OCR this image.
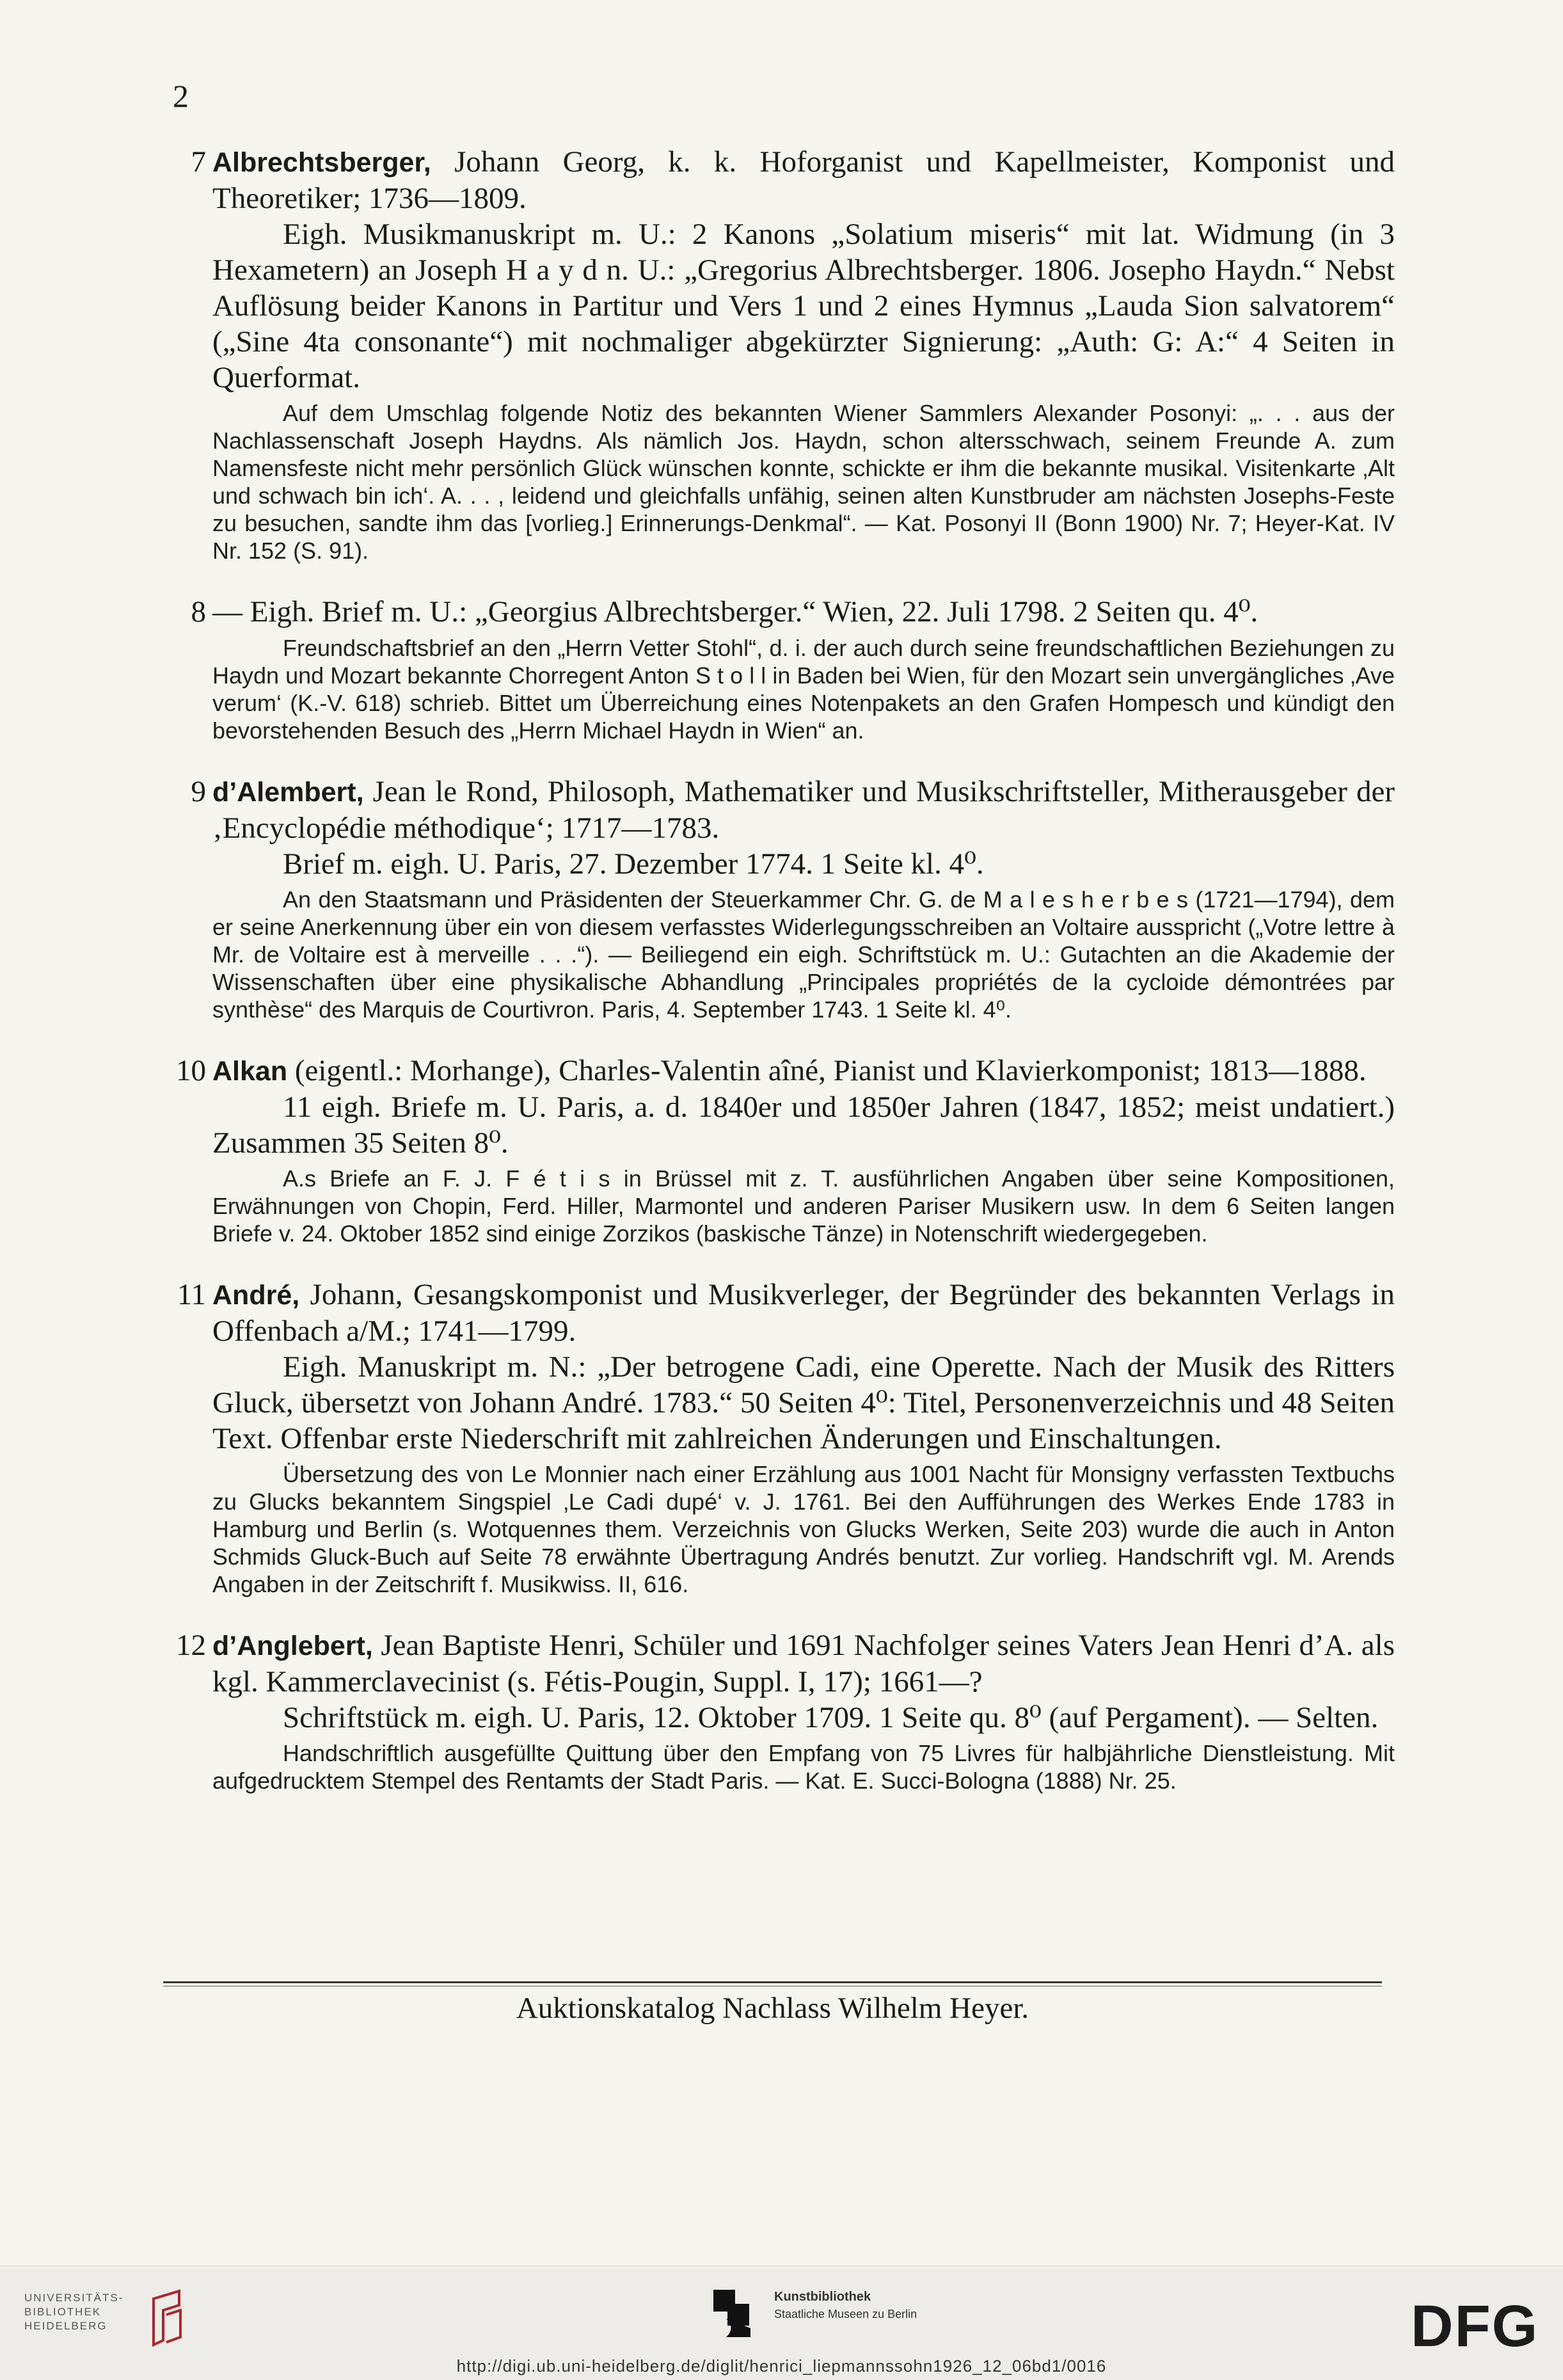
2
7 Albrechtsberger, Johann Georg, k. k. Hoforganist und Kapellmeister, Komponist und Theoretiker; 1736—1809.
Eigh. Musikmanuskript m. U.: 2 Kanons „Solatium miseris“ mit lat. Widmung (in 3 Hexametern) an Joseph H a y d n. U.: „Gregorius Albrechtsberger. 1806. Josepho Haydn.“ Nebst Auflösung beider Kanons in Partitur und Vers 1 und 2 eines Hymnus „Lauda Sion salvatorem“ („Sine 4ta consonante“) mit nochmaliger abgekürzter Signierung: „Auth: G: A:“ 4 Seiten in Querformat.
Auf dem Umschlag folgende Notiz des bekannten Wiener Sammlers Alexander Posonyi: „. . . aus der Nachlassenschaft Joseph Haydns. Als nämlich Jos. Haydn, schon altersschwach, seinem Freunde A. zum Namensfeste nicht mehr persönlich Glück wünschen konnte, schickte er ihm die bekannte musikal. Visitenkarte ‚Alt und schwach bin ich‘. A. . . , leidend und gleichfalls unfähig, seinen alten Kunstbruder am nächsten Josephs-Feste zu besuchen, sandte ihm das [vorlieg.] Erinnerungs-Denkmal“. — Kat. Posonyi II (Bonn 1900) Nr. 7; Heyer-Kat. IV Nr. 152 (S. 91).
8 — Eigh. Brief m. U.: „Georgius Albrechtsberger.“ Wien, 22. Juli 1798. 2 Seiten qu. 4⁰.
Freundschaftsbrief an den „Herrn Vetter Stohl“, d. i. der auch durch seine freundschaftlichen Beziehungen zu Haydn und Mozart bekannte Chorregent Anton S t o l l in Baden bei Wien, für den Mozart sein unvergängliches ‚Ave verum‘ (K.-V. 618) schrieb. Bittet um Überreichung eines Notenpakets an den Grafen Hompesch und kündigt den bevorstehenden Besuch des „Herrn Michael Haydn in Wien“ an.
9 d’Alembert, Jean le Rond, Philosoph, Mathematiker und Musikschriftsteller, Mitherausgeber der ‚Encyclopédie méthodique‘; 1717—1783.
Brief m. eigh. U. Paris, 27. Dezember 1774. 1 Seite kl. 4⁰.
An den Staatsmann und Präsidenten der Steuerkammer Chr. G. de M a l e s h e r b e s (1721—1794), dem er seine Anerkennung über ein von diesem verfasstes Widerlegungsschreiben an Voltaire ausspricht („Votre lettre à Mr. de Voltaire est à merveille . . .“). — Beiliegend ein eigh. Schriftstück m. U.: Gutachten an die Akademie der Wissenschaften über eine physikalische Abhandlung „Principales propriétés de la cycloide démontrées par synthèse“ des Marquis de Courtivron. Paris, 4. September 1743. 1 Seite kl. 4⁰.
10 Alkan (eigentl.: Morhange), Charles-Valentin aîné, Pianist und Klavierkomponist; 1813—1888.
11 eigh. Briefe m. U. Paris, a. d. 1840er und 1850er Jahren (1847, 1852; meist undatiert.) Zusammen 35 Seiten 8⁰.
A.s Briefe an F. J. F é t i s in Brüssel mit z. T. ausführlichen Angaben über seine Kompositionen, Erwähnungen von Chopin, Ferd. Hiller, Marmontel und anderen Pariser Musikern usw. In dem 6 Seiten langen Briefe v. 24. Oktober 1852 sind einige Zorzikos (baskische Tänze) in Notenschrift wiedergegeben.
11 André, Johann, Gesangskomponist und Musikverleger, der Begründer des bekannten Verlags in Offenbach a/M.; 1741—1799.
Eigh. Manuskript m. N.: „Der betrogene Cadi, eine Operette. Nach der Musik des Ritters Gluck, übersetzt von Johann André. 1783.“ 50 Seiten 4⁰: Titel, Personenverzeichnis und 48 Seiten Text. Offenbar erste Niederschrift mit zahlreichen Änderungen und Einschaltungen.
Übersetzung des von Le Monnier nach einer Erzählung aus 1001 Nacht für Monsigny verfassten Textbuchs zu Glucks bekanntem Singspiel ‚Le Cadi dupé‘ v. J. 1761. Bei den Aufführungen des Werkes Ende 1783 in Hamburg und Berlin (s. Wotquennes them. Verzeichnis von Glucks Werken, Seite 203) wurde die auch in Anton Schmids Gluck-Buch auf Seite 78 erwähnte Übertragung Andrés benutzt. Zur vorlieg. Handschrift vgl. M. Arends Angaben in der Zeitschrift f. Musikwiss. II, 616.
12 d’Anglebert, Jean Baptiste Henri, Schüler und 1691 Nachfolger seines Vaters Jean Henri d’A. als kgl. Kammerclavecinist (s. Fétis-Pougin, Suppl. I, 17); 1661—?
Schriftstück m. eigh. U. Paris, 12. Oktober 1709. 1 Seite qu. 8⁰ (auf Pergament). — Selten.
Handschriftlich ausgefüllte Quittung über den Empfang von 75 Livres für halbjährliche Dienstleistung. Mit aufgedrucktem Stempel des Rentamts der Stadt Paris. — Kat. E. Succi-Bologna (1888) Nr. 25.
Auktionskatalog Nachlass Wilhelm Heyer.
UNIVERSITÄTS-
BIBLIOTHEK
HEIDELBERG
Kunstbibliothek
Staatliche Museen zu Berlin	DFG
http://digi.ub.uni-heidelberg.de/diglit/henrici_liepmannssohn1926_12_06bd1/0016
